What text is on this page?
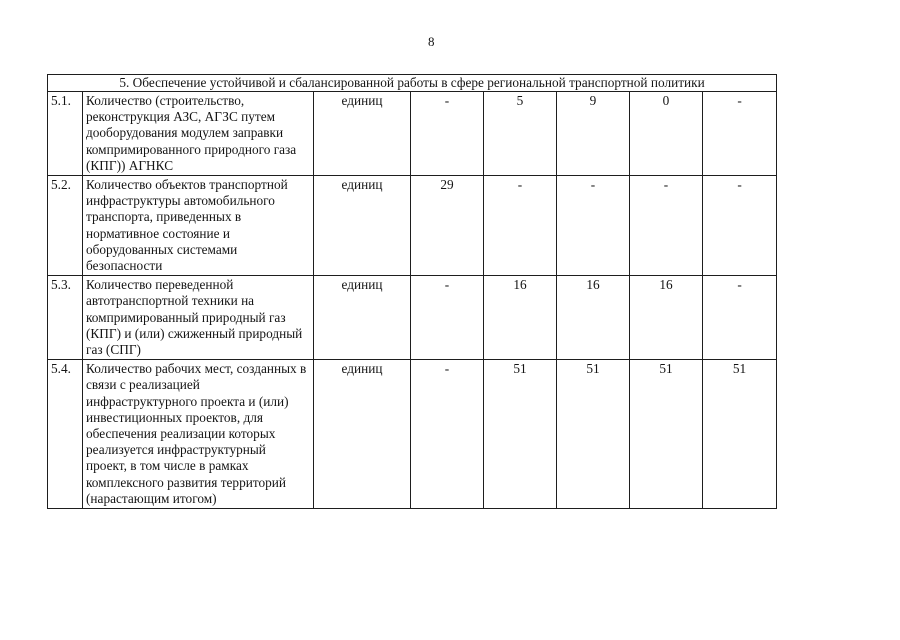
8
5. Обеспечение устойчивой и сбалансированной работы в сфере региональной транспортной политики							
5.1.	Количество (строительство, реконструкция АЗС, АГЗС путем дооборудования модулем заправки компримированного природного газа (КПГ)) АГНКС	единиц	-	5	9	0	-
5.2.	Количество объектов транспортной инфраструктуры автомобильного транспорта, приведенных в нормативное состояние и оборудованных системами безопасности	единиц	29	-	-	-	-
5.3.	Количество переведенной автотранспортной техники на компримированный природный газ (КПГ) и (или) сжиженный природный газ (СПГ)	единиц	-	16	16	16	-
5.4.	Количество рабочих мест, созданных в связи с реализацией инфраструктурного проекта и (или) инвестиционных проектов, для обеспечения реализации которых реализуется инфраструктурный проект, в том числе в рамках комплексного развития территорий (нарастающим итогом)	единиц	-	51	51	51	51
